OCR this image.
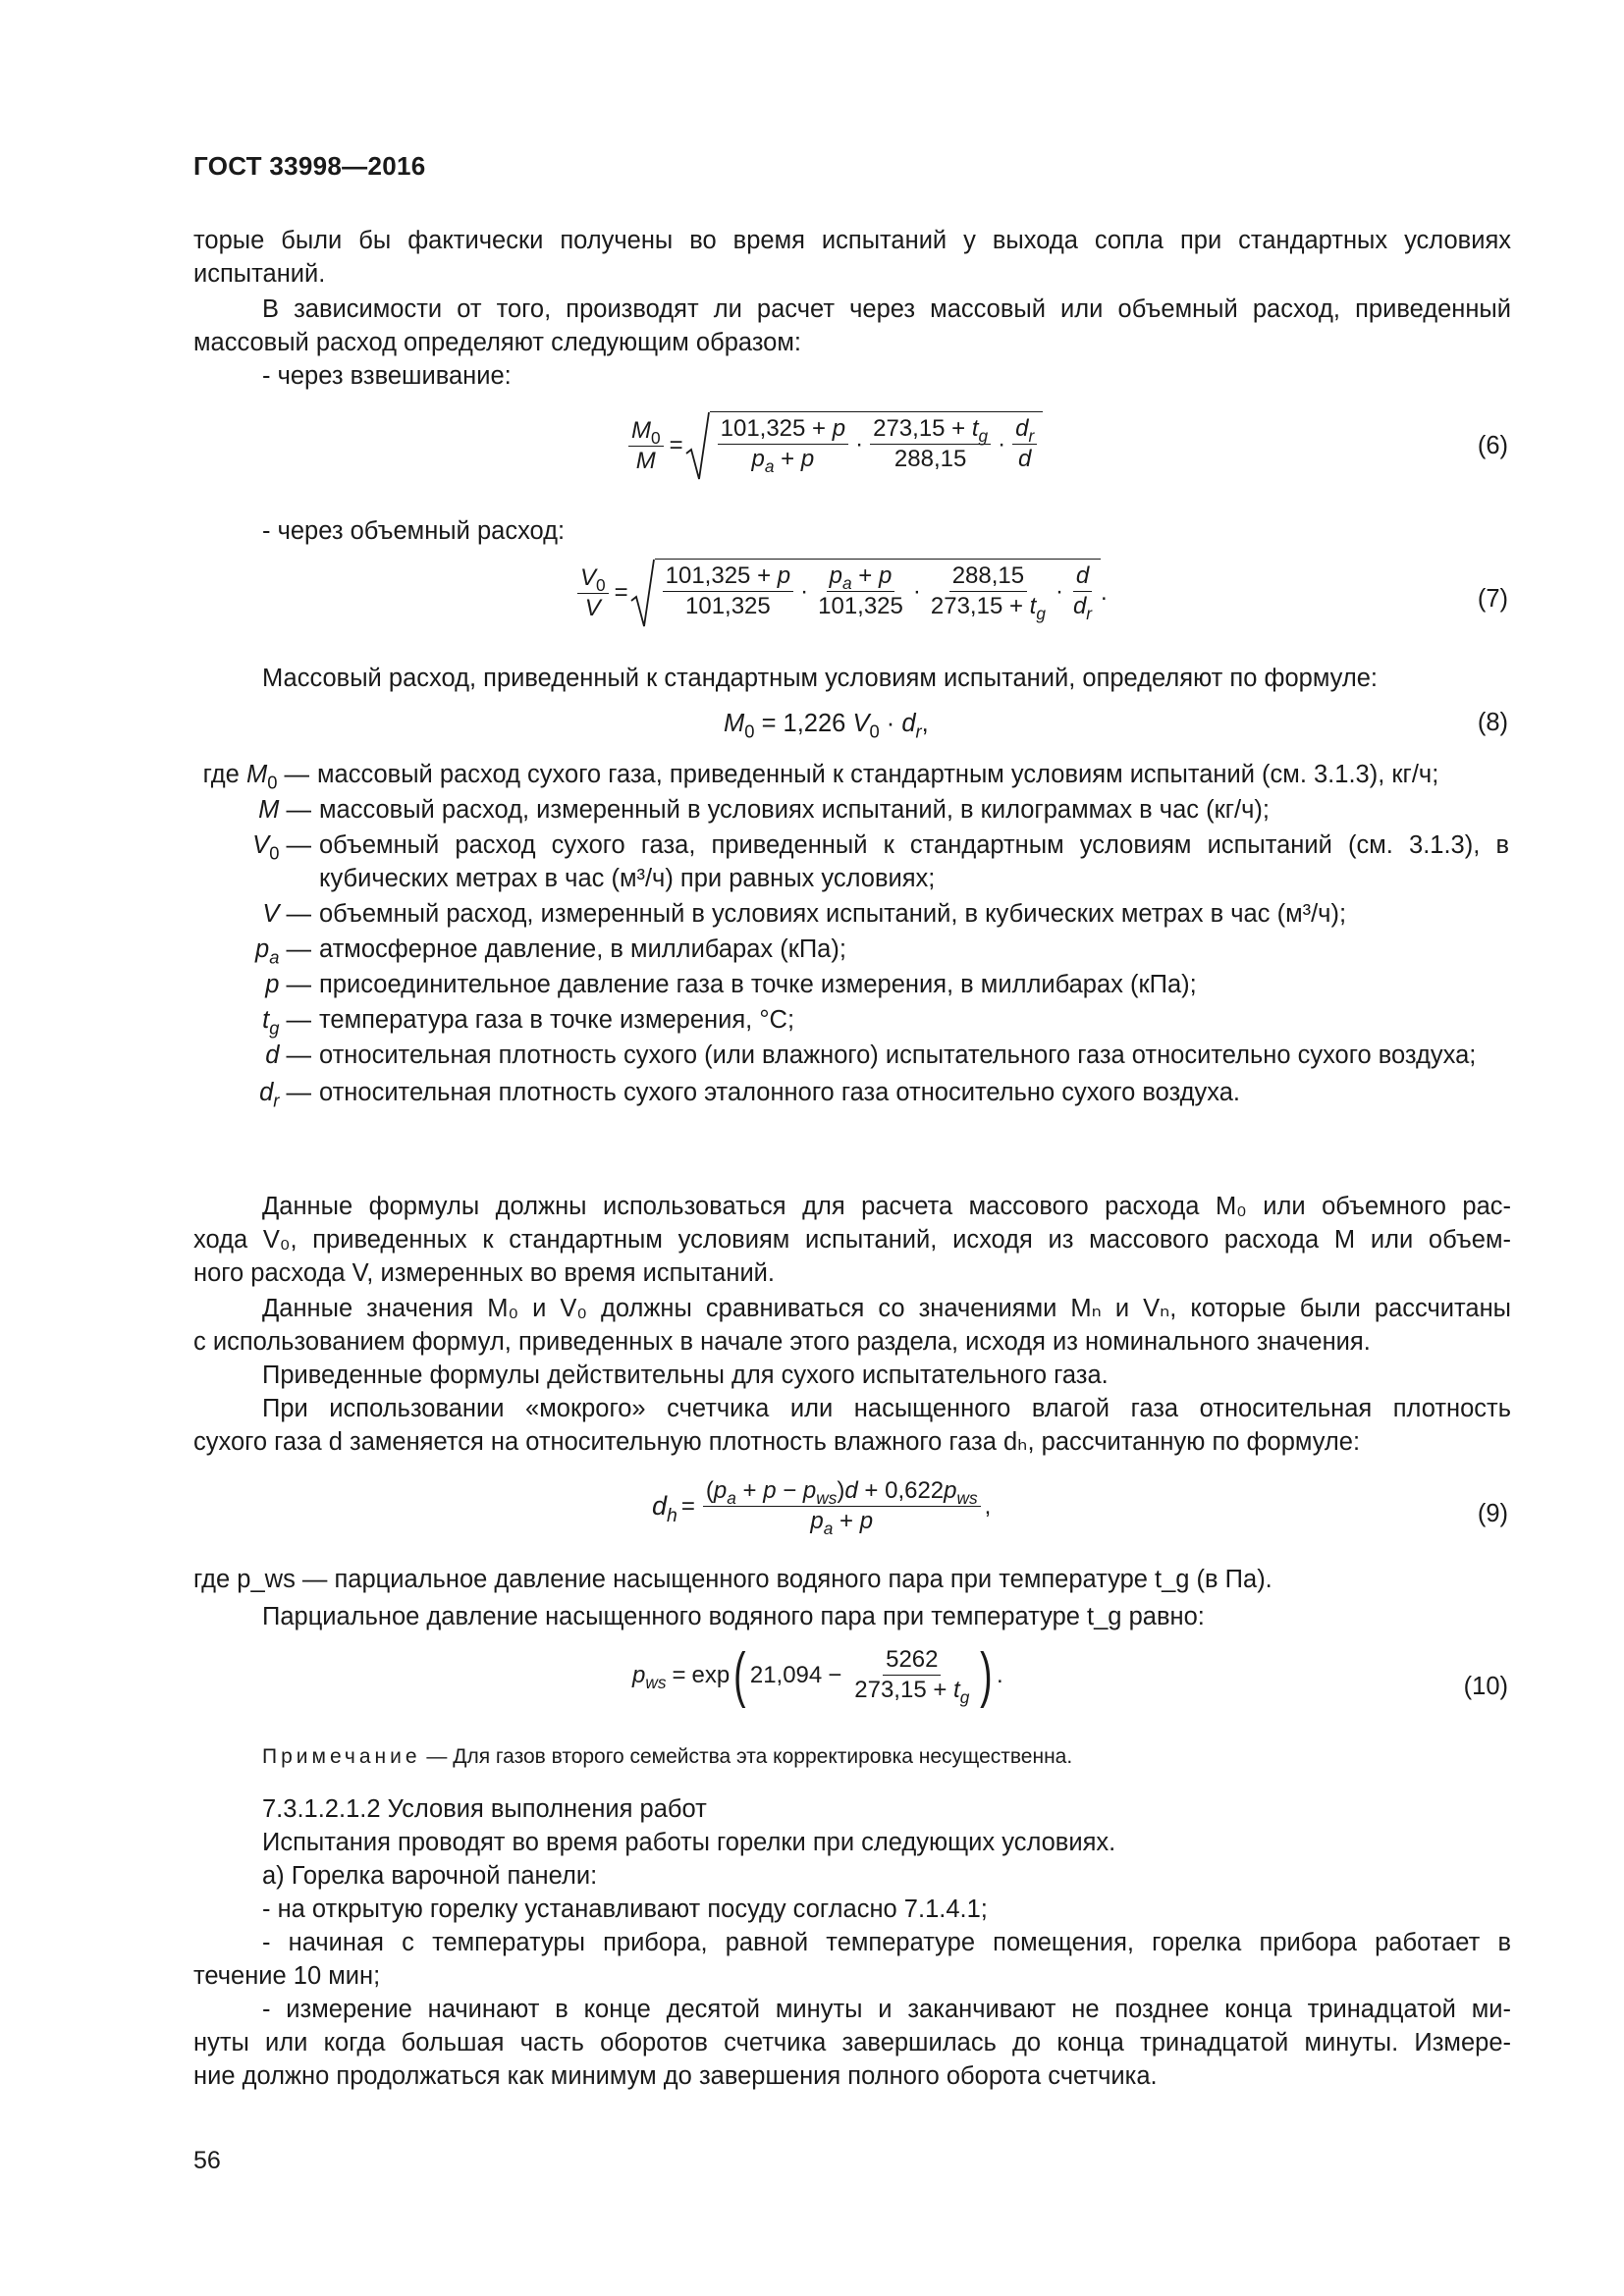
ГОСТ 33998—2016
торые были бы фактически получены во время испытаний у выхода сопла при стандартных условиях
испытаний.
В зависимости от того, производят ли расчет через массовый или объемный расход, приведенный
массовый расход определяют следующим образом:
- через взвешивание:
$\frac{M_0}{M} = \frac{101,325 + p}{p_a + p} \cdot \frac{273,15 + t_g}{288,15} \cdot \frac{d_r}{d}$	(6)
- через объемный расход:
$\frac{V_0}{V} = \frac{101,325 + p}{101,325} \cdot \frac{p_a + p}{101,325} \cdot \frac{288,15}{273,15 + t_g} \cdot \frac{d}{d_r}$ .	(7)
Массовый расход, приведенный к стандартным условиям испытаний, определяют по формуле:
$M_0 = 1,226$ $V_0 \cdot d_r$,	(8)
где $M_0$ — массовый расход сухого газа, приведенный к стандартным условиям испытаний (см. 3.1.3), кг/ч;
M — массовый расход, измеренный в условиях испытаний, в килограммах в час (кг/ч);
$V_0$ — объемный расход сухого газа, приведенный к стандартным условиям испытаний (см. 3.1.3), в кубических метрах в час (м³/ч) при равных условиях;
V — объемный расход, измеренный в условиях испытаний, в кубических метрах в час (м³/ч);
$p_a$ — атмосферное давление, в миллибарах (кПа);
p — присоединительное давление газа в точке измерения, в миллибарах (кПа);
$t_g$ — температура газа в точке измерения, °С;
d — относительная плотность сухого (или влажного) испытательного газа относительно сухого воздуха;
$d_r$ — относительная плотность сухого эталонного газа относительно сухого воздуха.
Данные формулы должны использоваться для расчета массового расхода M₀ или объемного рас-
хода V₀, приведенных к стандартным условиям испытаний, исходя из массового расхода M или объем-
ного расхода V, измеренных во время испытаний.
Данные значения M₀ и V₀ должны сравниваться со значениями Mₙ и Vₙ, которые были рассчитаны
с использованием формул, приведенных в начале этого раздела, исходя из номинального значения.
Приведенные формулы действительны для сухого испытательного газа.
При использовании «мокрого» счетчика или насыщенного влагой газа относительная плотность
сухого газа d заменяется на относительную плотность влажного газа dₕ, рассчитанную по формуле:
$d_h = \frac{(p_a + p - p_{ws})d + 0,622p_{ws}}{p_a + p}$ ,	(9)
где p_ws — парциальное давление насыщенного водяного пара при температуре t_g (в Па).
Парциальное давление насыщенного водяного пара при температуре t_g равно:
$p_{ws} = \exp$ ( $21,094 - \frac{5262}{273,15 + t_g}$ ) .	(10)
Примечание — Для газов второго семейства эта корректировка несущественна.
7.3.1.2.1.2 Условия выполнения работ
Испытания проводят во время работы горелки при следующих условиях.
а) Горелка варочной панели:
- на открытую горелку устанавливают посуду согласно 7.1.4.1;
- начиная с температуры прибора, равной температуре помещения, горелка прибора работает в
течение 10 мин;
- измерение начинают в конце десятой минуты и заканчивают не позднее конца тринадцатой ми-
нуты или когда большая часть оборотов счетчика завершилась до конца тринадцатой минуты. Измере-
ние должно продолжаться как минимум до завершения полного оборота счетчика.
56
